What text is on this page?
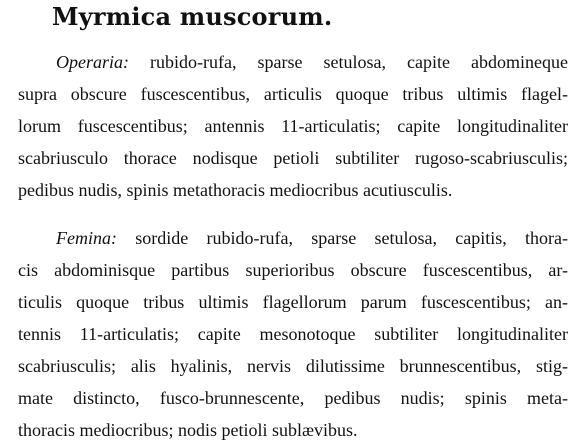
Myrmica muscorum.
Operaria: rubido-rufa, sparse setulosa, capite abdomineque
supra obscure fuscescentibus, articulis quoque tribus ultimis flagel-
lorum fuscescentibus; antennis 11-articulatis; capite longitudinaliter
scabriusculo thorace nodisque petioli subtiliter rugoso-scabriusculis;
pedibus nudis, spinis metathoracis mediocribus acutiusculis.
Femina: sordide rubido-rufa, sparse setulosa, capitis, thora-
cis abdominisque partibus superioribus obscure fuscescentibus, ar-
ticulis quoque tribus ultimis flagellorum parum fuscescentibus; an-
tennis 11-articulatis; capite mesonotoque subtiliter longitudinaliter
scabriusculis; alis hyalinis, nervis dilutissime brunnescentibus, stig-
mate distincto, fusco-brunnescente, pedibus nudis; spinis meta-
thoracis mediocribus; nodis petioli sublævibus.
